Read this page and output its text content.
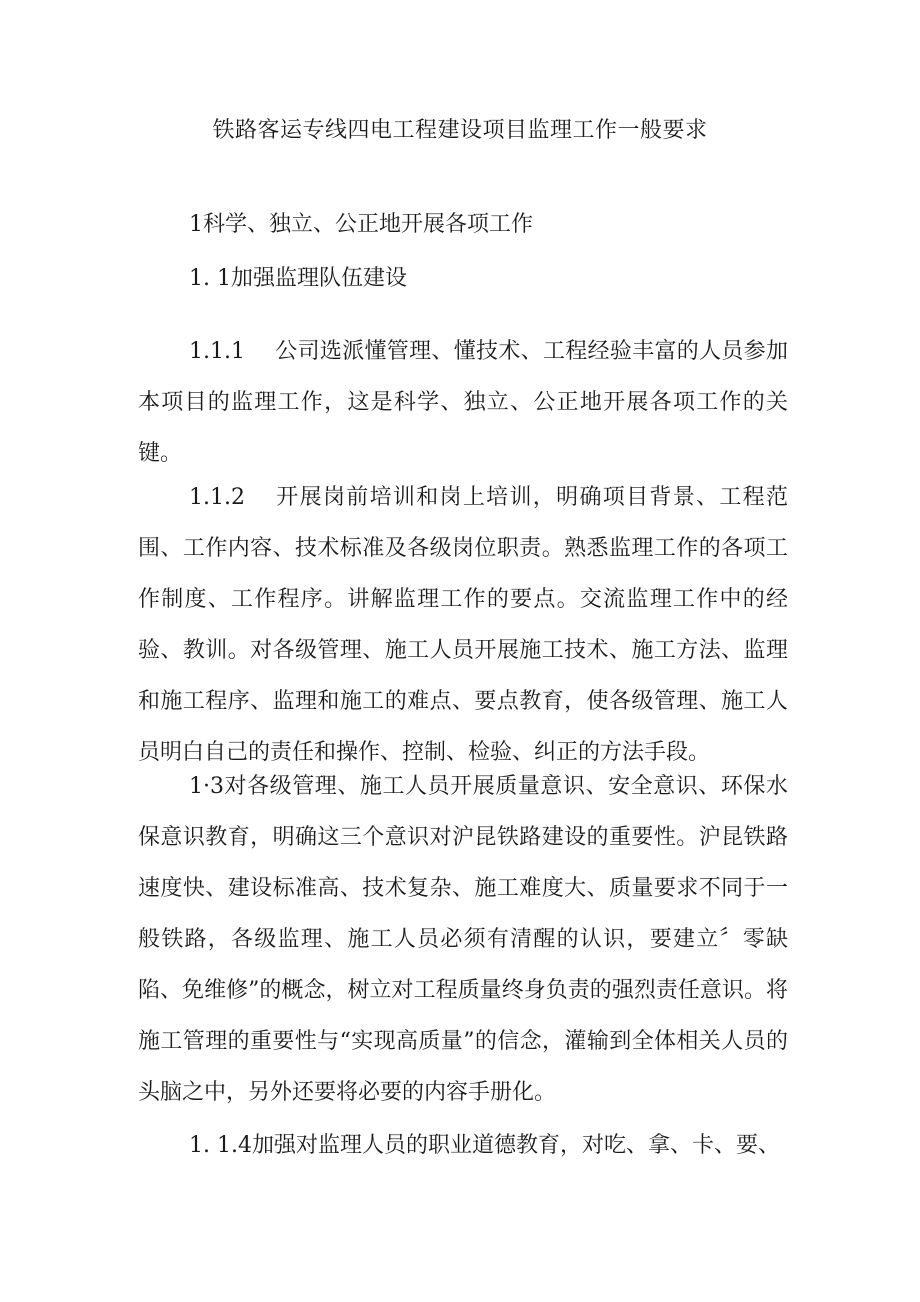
铁路客运专线四电工程建设项目监理工作一般要求
1科学、独立、公正地开展各项工作
1. 1加强监理队伍建设
1.1.1 公司选派懂管理、懂技术、工程经验丰富的人员参加本项目的监理工作，这是科学、独立、公正地开展各项工作的关键。
1.1.2 开展岗前培训和岗上培训，明确项目背景、工程范围、工作内容、技术标准及各级岗位职责。熟悉监理工作的各项工作制度、工作程序。讲解监理工作的要点。交流监理工作中的经验、教训。对各级管理、施工人员开展施工技术、施工方法、监理和施工程序、监理和施工的难点、要点教育，使各级管理、施工人员明白自己的责任和操作、控制、检验、纠正的方法手段。
1·3对各级管理、施工人员开展质量意识、安全意识、环保水保意识教育，明确这三个意识对沪昆铁路建设的重要性。沪昆铁路速度快、建设标准高、技术复杂、施工难度大、质量要求不同于一般铁路，各级监理、施工人员必须有清醒的认识，要建立〞零缺陷、免维修”的概念，树立对工程质量终身负责的强烈责任意识。将施工管理的重要性与“实现高质量”的信念，灌输到全体相关人员的头脑之中，另外还要将必要的内容手册化。
1. 1.4加强对监理人员的职业道德教育，对吃、拿、卡、要、
